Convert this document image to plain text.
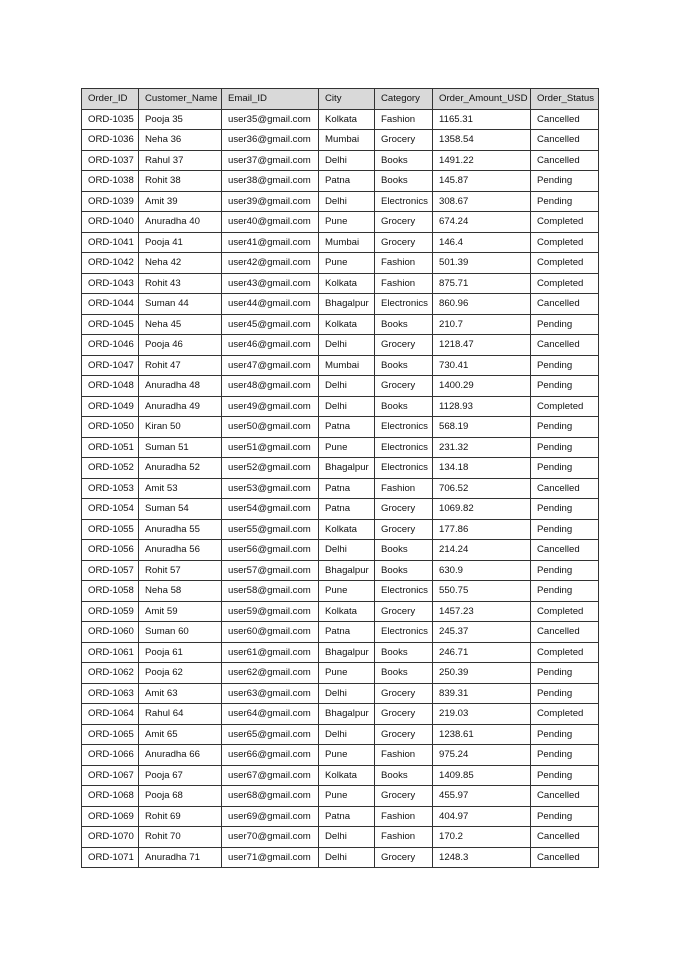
Order_ID	Customer_Name	Email_ID	City	Category	Order_Amount_USD	Order_Status
ORD-1035	Pooja 35	user35@gmail.com	Kolkata	Fashion	1165.31	Cancelled
ORD-1036	Neha 36	user36@gmail.com	Mumbai	Grocery	1358.54	Cancelled
ORD-1037	Rahul 37	user37@gmail.com	Delhi	Books	1491.22	Cancelled
ORD-1038	Rohit 38	user38@gmail.com	Patna	Books	145.87	Pending
ORD-1039	Amit 39	user39@gmail.com	Delhi	Electronics	308.67	Pending
ORD-1040	Anuradha 40	user40@gmail.com	Pune	Grocery	674.24	Completed
ORD-1041	Pooja 41	user41@gmail.com	Mumbai	Grocery	146.4	Completed
ORD-1042	Neha 42	user42@gmail.com	Pune	Fashion	501.39	Completed
ORD-1043	Rohit 43	user43@gmail.com	Kolkata	Fashion	875.71	Completed
ORD-1044	Suman 44	user44@gmail.com	Bhagalpur	Electronics	860.96	Cancelled
ORD-1045	Neha 45	user45@gmail.com	Kolkata	Books	210.7	Pending
ORD-1046	Pooja 46	user46@gmail.com	Delhi	Grocery	1218.47	Cancelled
ORD-1047	Rohit 47	user47@gmail.com	Mumbai	Books	730.41	Pending
ORD-1048	Anuradha 48	user48@gmail.com	Delhi	Grocery	1400.29	Pending
ORD-1049	Anuradha 49	user49@gmail.com	Delhi	Books	1128.93	Completed
ORD-1050	Kiran 50	user50@gmail.com	Patna	Electronics	568.19	Pending
ORD-1051	Suman 51	user51@gmail.com	Pune	Electronics	231.32	Pending
ORD-1052	Anuradha 52	user52@gmail.com	Bhagalpur	Electronics	134.18	Pending
ORD-1053	Amit 53	user53@gmail.com	Patna	Fashion	706.52	Cancelled
ORD-1054	Suman 54	user54@gmail.com	Patna	Grocery	1069.82	Pending
ORD-1055	Anuradha 55	user55@gmail.com	Kolkata	Grocery	177.86	Pending
ORD-1056	Anuradha 56	user56@gmail.com	Delhi	Books	214.24	Cancelled
ORD-1057	Rohit 57	user57@gmail.com	Bhagalpur	Books	630.9	Pending
ORD-1058	Neha 58	user58@gmail.com	Pune	Electronics	550.75	Pending
ORD-1059	Amit 59	user59@gmail.com	Kolkata	Grocery	1457.23	Completed
ORD-1060	Suman 60	user60@gmail.com	Patna	Electronics	245.37	Cancelled
ORD-1061	Pooja 61	user61@gmail.com	Bhagalpur	Books	246.71	Completed
ORD-1062	Pooja 62	user62@gmail.com	Pune	Books	250.39	Pending
ORD-1063	Amit 63	user63@gmail.com	Delhi	Grocery	839.31	Pending
ORD-1064	Rahul 64	user64@gmail.com	Bhagalpur	Grocery	219.03	Completed
ORD-1065	Amit 65	user65@gmail.com	Delhi	Grocery	1238.61	Pending
ORD-1066	Anuradha 66	user66@gmail.com	Pune	Fashion	975.24	Pending
ORD-1067	Pooja 67	user67@gmail.com	Kolkata	Books	1409.85	Pending
ORD-1068	Pooja 68	user68@gmail.com	Pune	Grocery	455.97	Cancelled
ORD-1069	Rohit 69	user69@gmail.com	Patna	Fashion	404.97	Pending
ORD-1070	Rohit 70	user70@gmail.com	Delhi	Fashion	170.2	Cancelled
ORD-1071	Anuradha 71	user71@gmail.com	Delhi	Grocery	1248.3	Cancelled
